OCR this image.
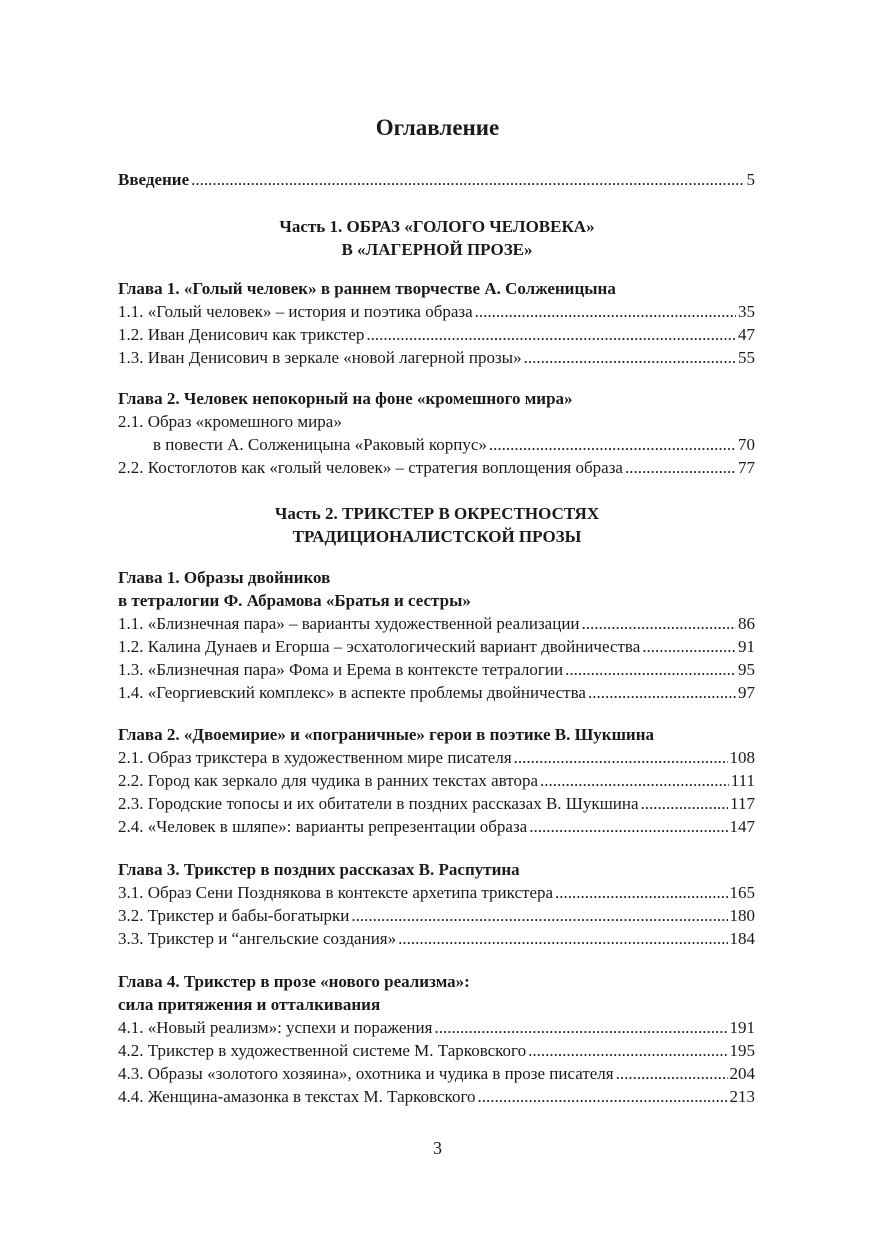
Оглавление
Введение .....	5
Часть 1. ОБРАЗ «ГОЛОГО ЧЕЛОВЕКА»
В «ЛАГЕРНОЙ ПРОЗЕ»
Глава 1. «Голый человек» в раннем творчестве А. Солженицына
1.1. «Голый человек» – история и поэтика образа .....	35
1.2. Иван Денисович как трикстер .....	47
1.3. Иван Денисович в зеркале «новой лагерной прозы» .....	55
Глава 2. Человек непокорный на фоне «кромешного мира»
2.1. Образ «кромешного мира»
в повести А. Солженицына «Раковый корпус» .....	70
2.2. Костоглотов как «голый человек» – стратегия воплощения образа .....	77
Часть 2. ТРИКСТЕР В ОКРЕСТНОСТЯХ
ТРАДИЦИОНАЛИСТСКОЙ ПРОЗЫ
Глава 1. Образы двойников
в тетралогии Ф. Абрамова «Братья и сестры»
1.1. «Близнечная пара» – варианты художественной реализации .....	86
1.2. Калина Дунаев и Егорша – эсхатологический вариант двойничества .....	91
1.3. «Близнечная пара» Фома и Ерема в контексте тетралогии .....	95
1.4. «Георгиевский комплекс» в аспекте проблемы двойничества .....	97
Глава 2. «Двоемирие» и «пограничные» герои в поэтике В. Шукшина
2.1. Образ трикстера в художественном мире писателя .....	108
2.2. Город как зеркало для чудика в ранних текстах автора .....	111
2.3. Городские топосы и их обитатели в поздних рассказах В. Шукшина .....	117
2.4. «Человек в шляпе»: варианты репрезентации образа .....	147
Глава 3. Трикстер в поздних рассказах В. Распутина
3.1. Образ Сени Позднякова в контексте архетипа трикстера .....	165
3.2. Трикстер и бабы-богатырки .....	180
3.3. Трикстер и “ангельские создания» .....	184
Глава 4. Трикстер в прозе «нового реализма»:
сила притяжения и отталкивания
4.1. «Новый реализм»: успехи и поражения .....	191
4.2. Трикстер в художественной системе М. Тарковского .....	195
4.3. Образы «золотого хозяина», охотника и чудика в прозе писателя .....	204
4.4. Женщина-амазонка в текстах М. Тарковского .....	213
3
